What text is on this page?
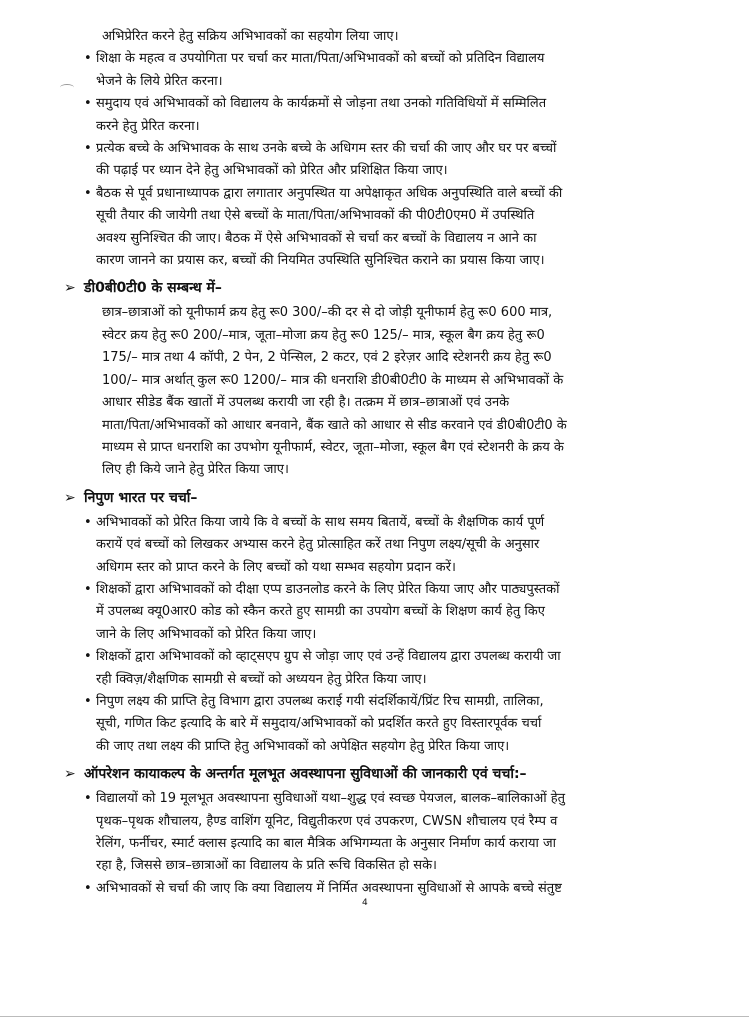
अभिप्रेरित करने हेतु सक्रिय अभिभावकों का सहयोग लिया जाए।
• शिक्षा के महत्व व उपयोगिता पर चर्चा कर माता/पिता/अभिभावकों को बच्चों को प्रतिदिन विद्यालय
भेजने के लिये प्रेरित करना।
• समुदाय एवं अभिभावकों को विद्यालय के कार्यक्रमों से जोड़ना तथा उनको गतिविधियों में सम्मिलित
करने हेतु प्रेरित करना।
• प्रत्येक बच्चे के अभिभावक के साथ उनके बच्चे के अधिगम स्तर की चर्चा की जाए और घर पर बच्चों
की पढ़ाई पर ध्यान देने हेतु अभिभावकों को प्रेरित और प्रशिक्षित किया जाए।
• बैठक से पूर्व प्रधानाध्यापक द्वारा लगातार अनुपस्थित या अपेक्षाकृत अधिक अनुपस्थिति वाले बच्चों की
सूची तैयार की जायेगी तथा ऐसे बच्चों के माता/पिता/अभिभावकों की पी0टी0एम0 में उपस्थिति
अवश्य सुनिश्चित की जाए। बैठक में ऐसे अभिभावकों से चर्चा कर बच्चों के विद्यालय न आने का
कारण जानने का प्रयास कर, बच्चों की नियमित उपस्थिति सुनिश्चित कराने का प्रयास किया जाए।
➢ डी0बी0टी0 के सम्बन्ध में–
छात्र–छात्राओं को यूनीफार्म क्रय हेतु रू0 300/–की दर से दो जोड़ी यूनीफार्म हेतु रू0 600 मात्र,
स्वेटर क्रय हेतु रू0 200/–मात्र, जूता–मोजा क्रय हेतु रू0 125/– मात्र, स्कूल बैग क्रय हेतु रू0
175/– मात्र तथा 4 कॉपी, 2 पेन, 2 पेन्सिल, 2 कटर, एवं 2 इरेज़र आदि स्टेशनरी क्रय हेतु रू0
100/– मात्र अर्थात् कुल रू0 1200/– मात्र की धनराशि डी0बी0टी0 के माध्यम से अभिभावकों के
आधार सीडेड बैंक खातों में उपलब्ध करायी जा रही है। तत्क्रम में छात्र–छात्राओं एवं उनके
माता/पिता/अभिभावकों को आधार बनवाने, बैंक खाते को आधार से सीड करवाने एवं डी0बी0टी0 के
माध्यम से प्राप्त धनराशि का उपभोग यूनीफार्म, स्वेटर, जूता–मोजा, स्कूल बैग एवं स्टेशनरी के क्रय के
लिए ही किये जाने हेतु प्रेरित किया जाए।
➢ निपुण भारत पर चर्चा–
• अभिभावकों को प्रेरित किया जाये कि वे बच्चों के साथ समय बितायें, बच्चों के शैक्षणिक कार्य पूर्ण
करायें एवं बच्चों को लिखकर अभ्यास करने हेतु प्रोत्साहित करें तथा निपुण लक्ष्य/सूची के अनुसार
अधिगम स्तर को प्राप्त करने के लिए बच्चों को यथा सम्भव सहयोग प्रदान करें।
• शिक्षकों द्वारा अभिभावकों को दीक्षा एप्प डाउनलोड करने के लिए प्रेरित किया जाए और पाठ्यपुस्तकों
में उपलब्ध क्यू0आर0 कोड को स्कैन करते हुए सामग्री का उपयोग बच्चों के शिक्षण कार्य हेतु किए
जाने के लिए अभिभावकों को प्रेरित किया जाए।
• शिक्षकों द्वारा अभिभावकों को व्हाट्सएप ग्रुप से जोड़ा जाए एवं उन्हें विद्यालय द्वारा उपलब्ध करायी जा
रही क्विज़/शैक्षणिक सामग्री से बच्चों को अध्ययन हेतु प्रेरित किया जाए।
• निपुण लक्ष्य की प्राप्ति हेतु विभाग द्वारा उपलब्ध कराई गयी संदर्शिकायें/प्रिंट रिच सामग्री, तालिका,
सूची, गणित किट इत्यादि के बारे में समुदाय/अभिभावकों को प्रदर्शित करते हुए विस्तारपूर्वक चर्चा
की जाए तथा लक्ष्य की प्राप्ति हेतु अभिभावकों को अपेक्षित सहयोग हेतु प्रेरित किया जाए।
➢ ऑपरेशन कायाकल्प के अन्तर्गत मूलभूत अवस्थापना सुविधाओं की जानकारी एवं चर्चा:–
• विद्यालयों को 19 मूलभूत अवस्थापना सुविधाओं यथा–शुद्ध एवं स्वच्छ पेयजल, बालक–बालिकाओं हेतु
पृथक–पृथक शौचालय, हैण्ड वाशिंग यूनिट, विद्युतीकरण एवं उपकरण, CWSN शौचालय एवं रैम्प व
रेलिंग, फर्नीचर, स्मार्ट क्लास इत्यादि का बाल मैत्रिक अभिगम्यता के अनुसार निर्माण कार्य कराया जा
रहा है, जिससे छात्र–छात्राओं का विद्यालय के प्रति रूचि विकसित हो सके।
• अभिभावकों से चर्चा की जाए कि क्या विद्यालय में निर्मित अवस्थापना सुविधाओं से आपके बच्चे संतुष्ट
4
